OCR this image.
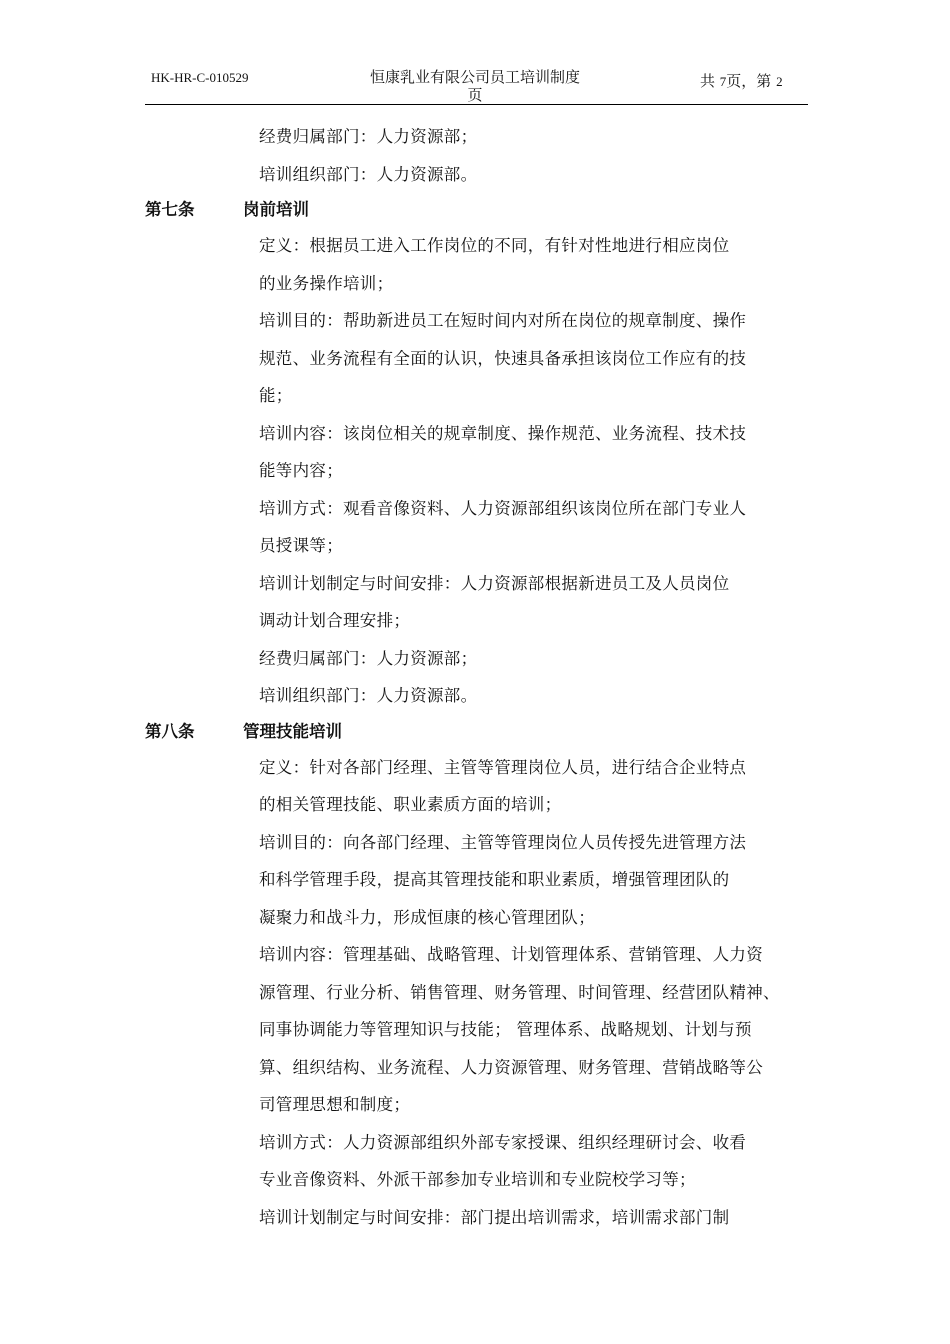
HK-HR-C-010529	恒康乳业有限公司员工培训制度
页
共 7页，第 2
经费归属部门：人力资源部；
培训组织部门：人力资源部。
第七条	岗前培训
定义：根据员工进入工作岗位的不同，有针对性地进行相应岗位
的业务操作培训；
培训目的：帮助新进员工在短时间内对所在岗位的规章制度、操作
规范、业务流程有全面的认识，快速具备承担该岗位工作应有的技
能；
培训内容：该岗位相关的规章制度、操作规范、业务流程、技术技
能等内容；
培训方式：观看音像资料、人力资源部组织该岗位所在部门专业人
员授课等；
培训计划制定与时间安排：人力资源部根据新进员工及人员岗位
调动计划合理安排；
经费归属部门：人力资源部；
培训组织部门：人力资源部。
第八条	管理技能培训
定义：针对各部门经理、主管等管理岗位人员，进行结合企业特点
的相关管理技能、职业素质方面的培训；
培训目的：向各部门经理、主管等管理岗位人员传授先进管理方法
和科学管理手段，提高其管理技能和职业素质，增强管理团队的
凝聚力和战斗力，形成恒康的核心管理团队；
培训内容：管理基础、战略管理、计划管理体系、营销管理、人力资
源管理、行业分析、销售管理、财务管理、时间管理、经营团队精神、
同事协调能力等管理知识与技能； 管理体系、战略规划、计划与预
算、组织结构、业务流程、人力资源管理、财务管理、营销战略等公
司管理思想和制度；
培训方式：人力资源部组织外部专家授课、组织经理研讨会、收看
专业音像资料、外派干部参加专业培训和专业院校学习等；
培训计划制定与时间安排：部门提出培训需求，培训需求部门制
